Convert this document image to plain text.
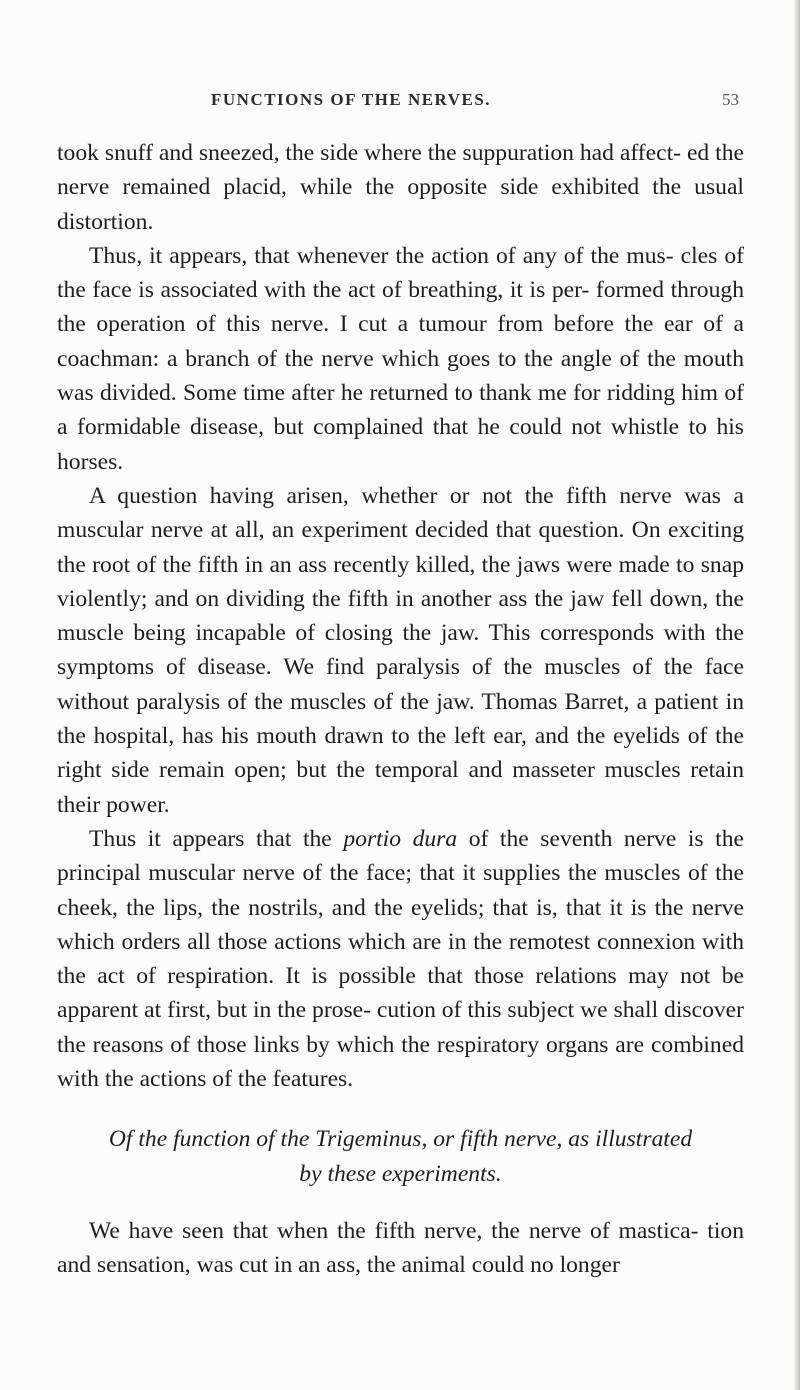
FUNCTIONS OF THE NERVES.	53

took snuff and sneezed, the side where the suppuration had affect- ed the nerve remained placid, while the opposite side exhibited the usual distortion.

Thus, it appears, that whenever the action of any of the mus- cles of the face is associated with the act of breathing, it is per- formed through the operation of this nerve. I cut a tumour from before the ear of a coachman: a branch of the nerve which goes to the angle of the mouth was divided. Some time after he returned to thank me for ridding him of a formidable disease, but complained that he could not whistle to his horses.

A question having arisen, whether or not the fifth nerve was a muscular nerve at all, an experiment decided that question. On exciting the root of the fifth in an ass recently killed, the jaws were made to snap violently; and on dividing the fifth in another ass the jaw fell down, the muscle being incapable of closing the jaw. This corresponds with the symptoms of disease. We find paralysis of the muscles of the face without paralysis of the muscles of the jaw. Thomas Barret, a patient in the hospital, has his mouth drawn to the left ear, and the eyelids of the right side remain open; but the temporal and masseter muscles retain their power.

Thus it appears that the portio dura of the seventh nerve is the principal muscular nerve of the face; that it supplies the muscles of the cheek, the lips, the nostrils, and the eyelids; that is, that it is the nerve which orders all those actions which are in the remotest connexion with the act of respiration. It is possible that those relations may not be apparent at first, but in the prose- cution of this subject we shall discover the reasons of those links by which the respiratory organs are combined with the actions of the features.

Of the function of the Trigeminus, or fifth nerve, as illustrated
by these experiments.

We have seen that when the fifth nerve, the nerve of mastica- tion and sensation, was cut in an ass, the animal could no longer
